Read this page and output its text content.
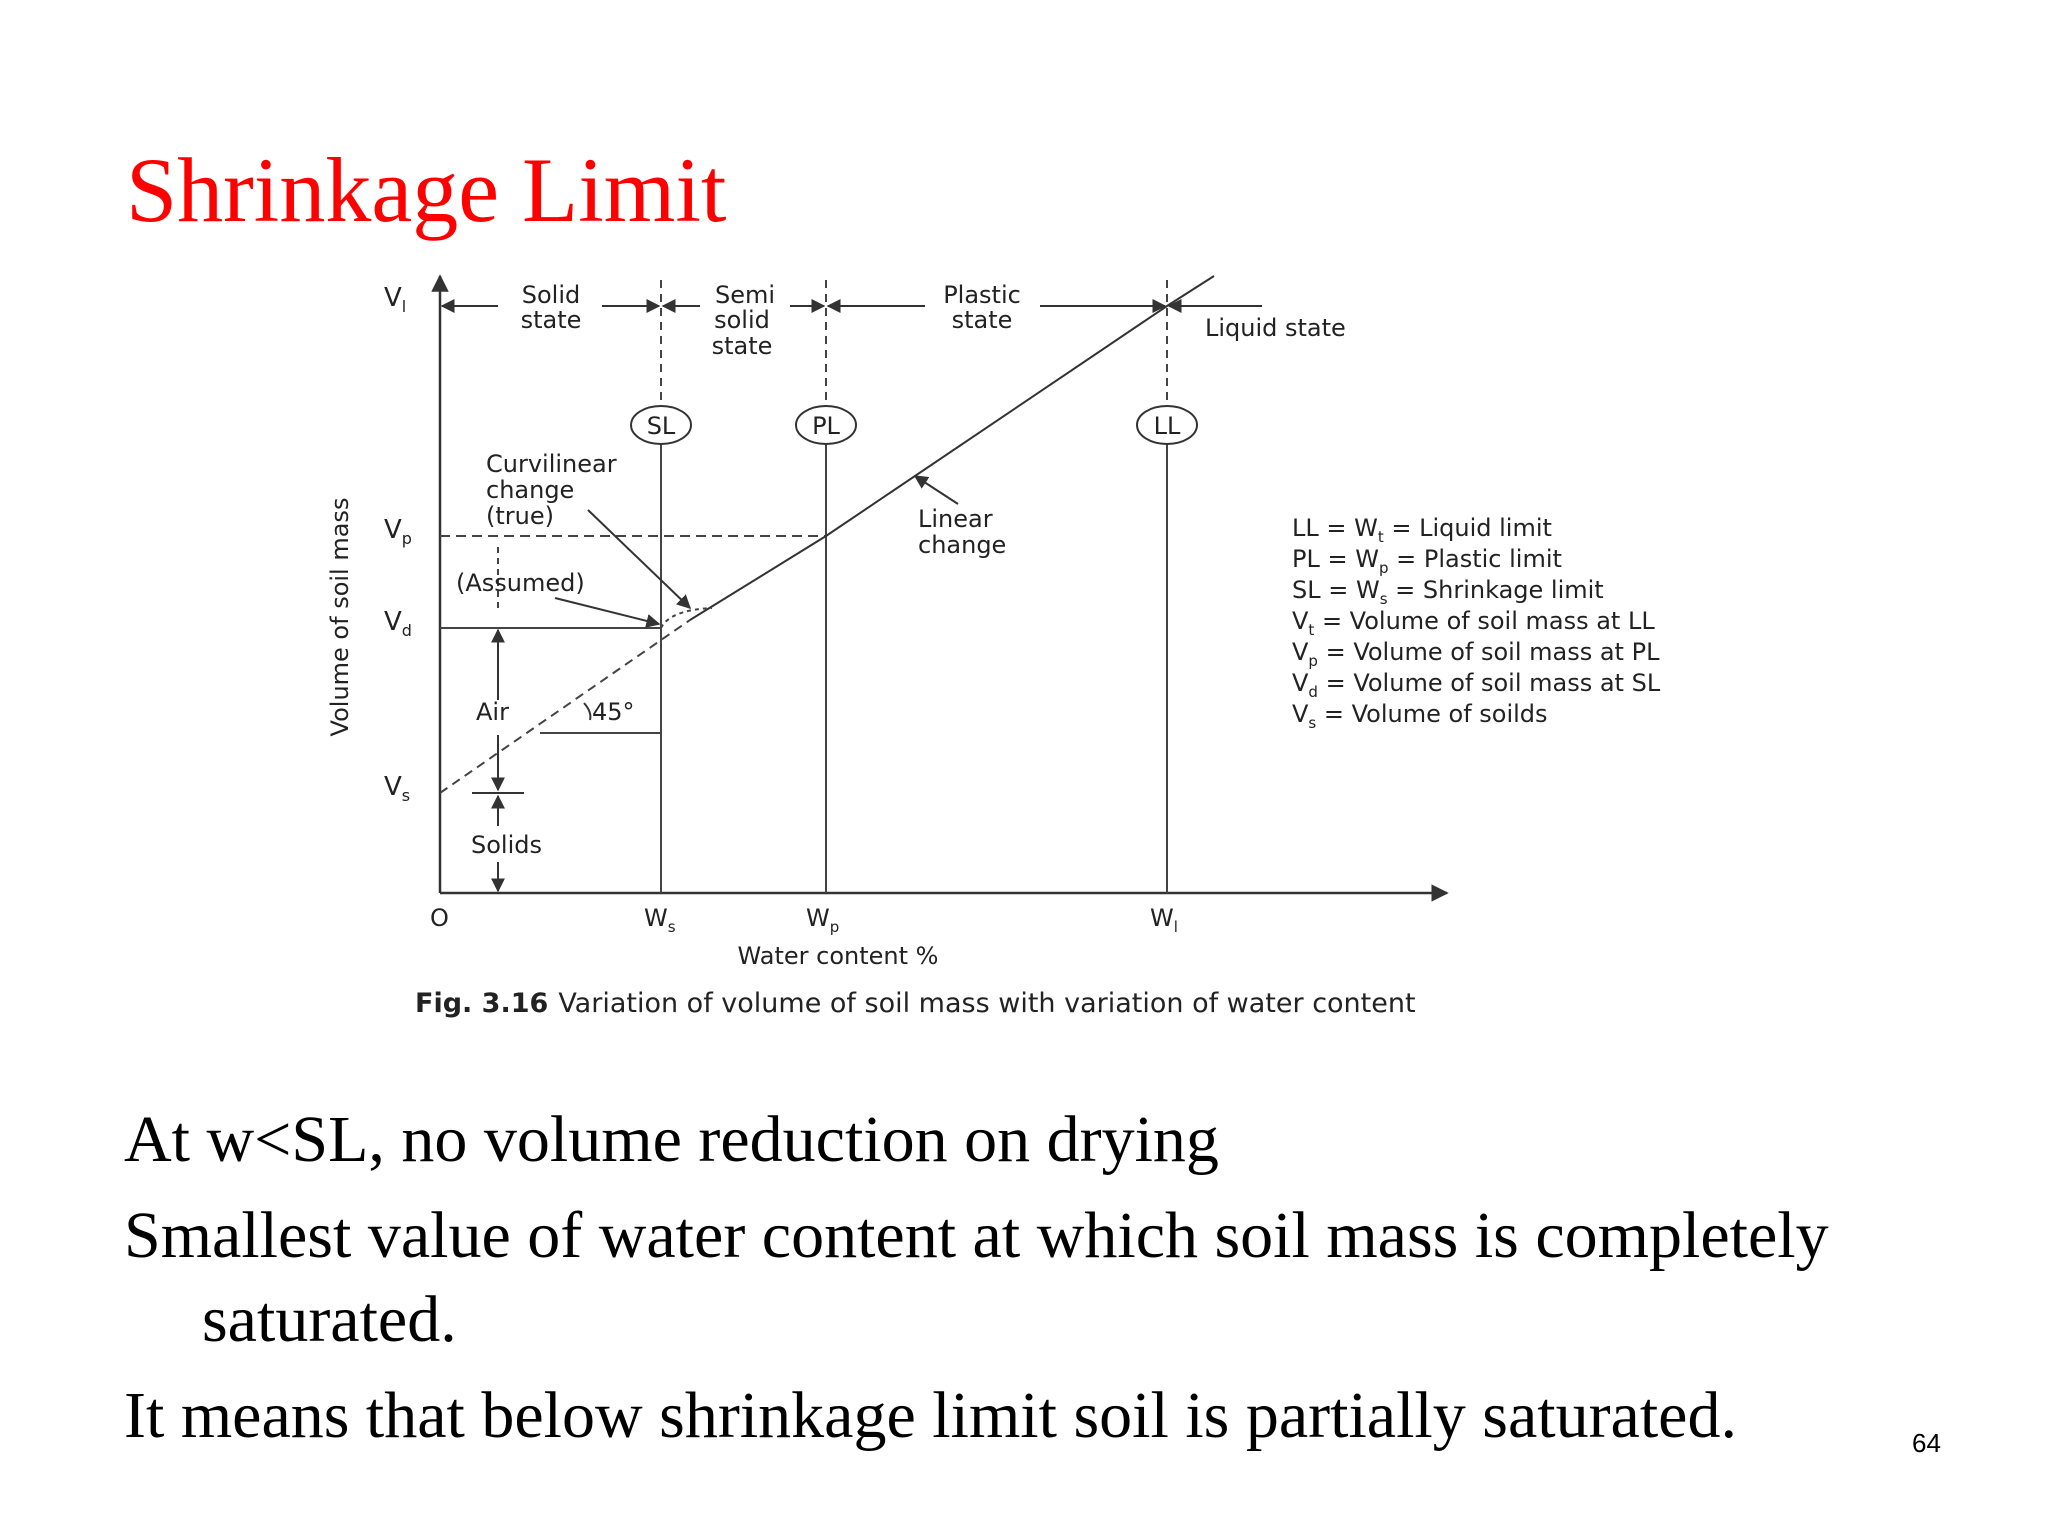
Shrinkage Limit
SL	PL	LL
Solid
state
Semi
solid
state
Plastic
state	Liquid state
Curvilinear
change
(true)
(Assumed)
Linear
change
Air	45°
Solids
$V_l$
$V_p$
$V_d$
$V_s$
O	$W_s$	$W_p$	$W_l$
Water content %
Volume of soil mass	LL = $W_t$ = Liquid limit
PL = $W_p$ = Plastic limit
SL = $W_s$ = Shrinkage limit
$V_t$ = Volume of soil mass at LL
$V_p$ = Volume of soil mass at PL
$V_d$ = Volume of soil mass at SL
$V_s$ = Volume of soilds
Fig. 3.16 Variation of volume of soil mass with variation of water content
At w<SL, no volume reduction on drying
Smallest value of water content at which soil mass is completely saturated.
It means that below shrinkage limit soil is partially saturated.	64
